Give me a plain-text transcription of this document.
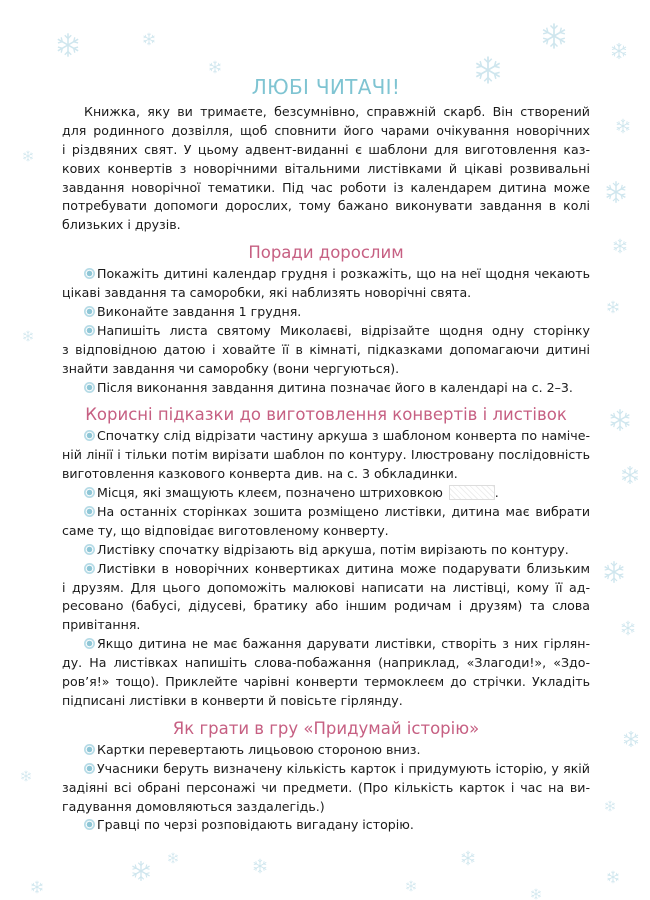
ЛЮБІ ЧИТАЧІ!
Книжка, яку ви тримаєте, безсумнівно, справжній скарб. Він створений
для родинного дозвілля, щоб сповнити його чарами очікування новорічних
і різдвяних свят. У цьому адвент-виданні є шаблони для виготовлення каз-
кових конвертів з новорічними вітальними листівками й цікаві розвивальні
завдання новорічної тематики. Під час роботи із календарем дитина може
потребувати допомоги дорослих, тому бажано виконувати завдання в колі
близьких і друзів.
Поради дорослим
Покажіть дитині календар грудня і розкажіть, що на неї щодня чекають
цікаві завдання та саморобки, які наблизять новорічні свята.
Виконайте завдання 1 грудня.
Напишіть листа святому Миколаєві, відрізайте щодня одну сторінку
з відповідною датою і ховайте її в кімнаті, підказками допомагаючи дитині
знайти завдання чи саморобку (вони чергуються).
Після виконання завдання дитина позначає його в календарі на с. 2–3.
Корисні підказки до виготовлення конвертів і листівок
Спочатку слід відрізати частину аркуша з шаблоном конверта по наміче-
ній лінії і тільки потім вирізати шаблон по контуру. Ілюстровану послідовність
виготовлення казкового конверта див. на с. 3 обкладинки.
Місця, які змащують клеєм, позначено штриховкою	.
На останніх сторінках зошита розміщено листівки, дитина має вибрати
саме ту, що відповідає виготовленому конверту.
Листівку спочатку відрізають від аркуша, потім вирізають по контуру.
Листівки в новорічних конвертиках дитина може подарувати близьким
і друзям. Для цього допоможіть малюкові написати на листівці, кому її ад-
ресовано (бабусі, дідусеві, братику або іншим родичам і друзям) та слова
привітання.
Якщо дитина не має бажання дарувати листівки, створіть з них гірлян-
ду. На листівках напишіть слова-побажання (наприклад, «Злагоди!», «Здо-
ров’я!» тощо). Приклейте чарівні конверти термоклеєм до стрічки. Укладіть
підписані листівки в конверти й повісьте гірлянду.
Як грати в гру «Придумай історію»
Картки перевертають лицьовою стороною вниз.
Учасники беруть визначену кількість карток і придумують історію, у якій
задіяні всі обрані персонажі чи предмети. (Про кількість карток і час на ви-
гадування домовляються заздалегідь.)
Гравці по черзі розповідають вигадану історію.
